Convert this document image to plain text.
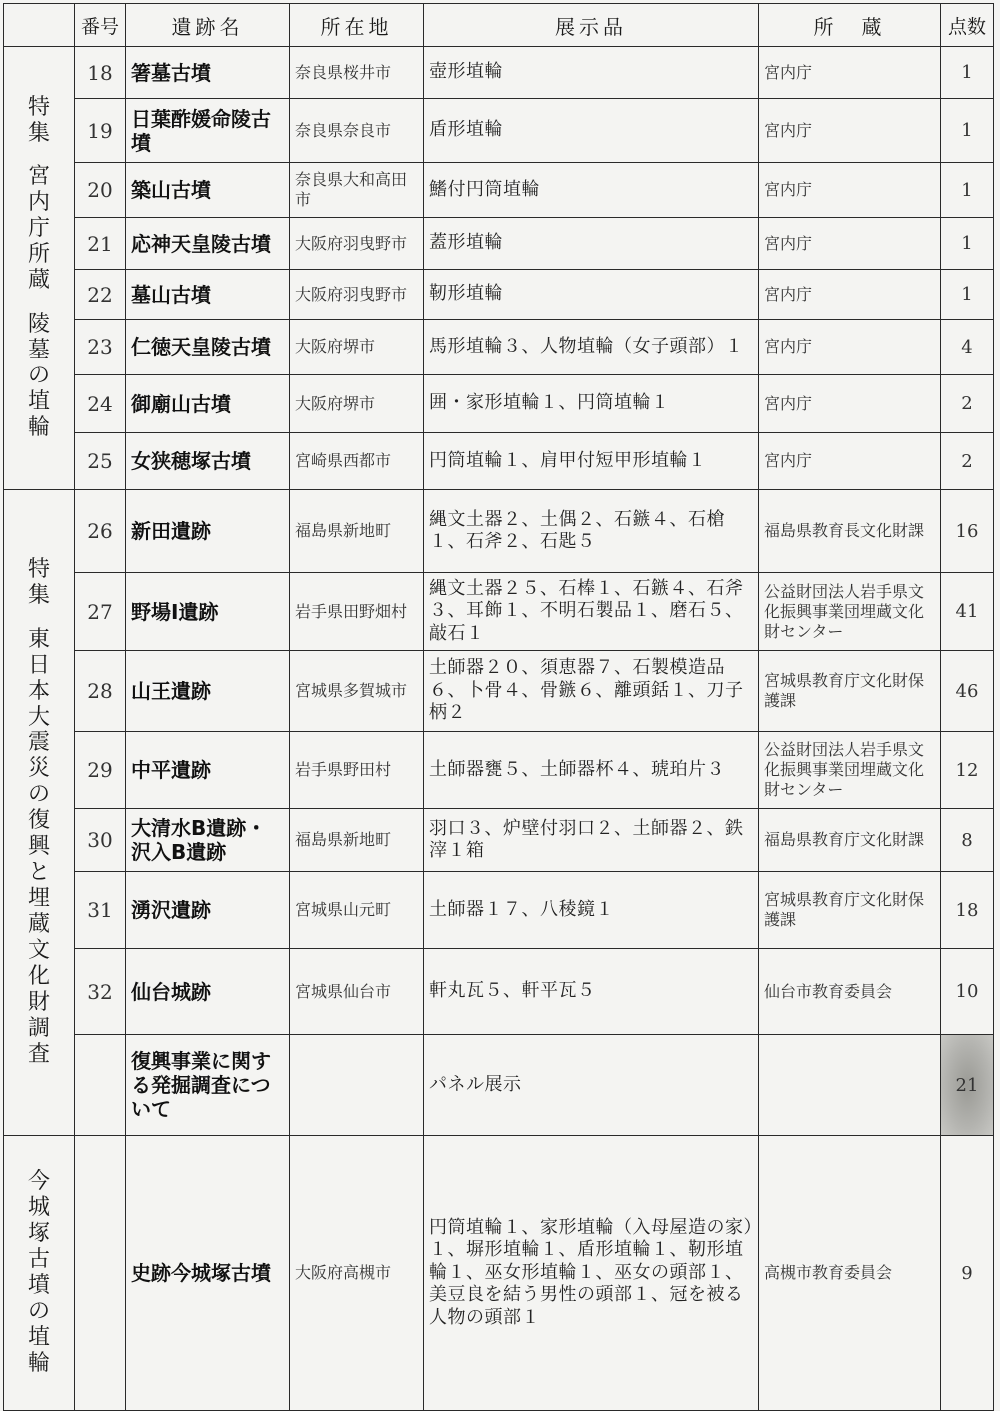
	番号	遺跡名	所在地	展示品	所　蔵	点数

特集
宮内庁所蔵
陵墓の埴輪	18	箸墓古墳	奈良県桜井市	壺形埴輪	宮内庁	1
	19	日葉酢媛命陵古墳	奈良県奈良市	盾形埴輪	宮内庁	1
	20	築山古墳	奈良県大和高田市	鰭付円筒埴輪	宮内庁	1
	21	応神天皇陵古墳	大阪府羽曳野市	蓋形埴輪	宮内庁	1
	22	墓山古墳	大阪府羽曳野市	靭形埴輪	宮内庁	1
	23	仁徳天皇陵古墳	大阪府堺市	馬形埴輪３、人物埴輪（女子頭部）１	宮内庁	4
	24	御廟山古墳	大阪府堺市	囲・家形埴輪１、円筒埴輪１	宮内庁	2
	25	女狭穂塚古墳	宮崎県西都市	円筒埴輪１、肩甲付短甲形埴輪１	宮内庁	2

特集
東日本大震災の復興と埋蔵文化財調査	26	新田遺跡	福島県新地町	縄文土器２、土偶２、石鏃４、石槍１、石斧２、石匙５	福島県教育長文化財課	16
	27	野場Ⅰ遺跡	岩手県田野畑村	縄文土器２５、石棒１、石鏃４、石斧３、耳飾１、不明石製品１、磨石５、敲石１	公益財団法人岩手県文化振興事業団埋蔵文化財センター	41
	28	山王遺跡	宮城県多賀城市	土師器２０、須恵器７、石製模造品６、卜骨４、骨鏃６、離頭銛１、刀子柄２	宮城県教育庁文化財保護課	46
	29	中平遺跡	岩手県野田村	土師器甕５、土師器杯４、琥珀片３	公益財団法人岩手県文化振興事業団埋蔵文化財センター	12
	30	大清水B遺跡・沢入B遺跡	福島県新地町	羽口３、炉壁付羽口２、土師器２、鉄滓１箱	福島県教育庁文化財課	8
	31	湧沢遺跡	宮城県山元町	土師器１７、八稜鏡１	宮城県教育庁文化財保護課	18
	32	仙台城跡	宮城県仙台市	軒丸瓦５、軒平瓦５	仙台市教育委員会	10
		復興事業に関する発掘調査について		パネル展示		21

今城塚古墳の埴輪		史跡今城塚古墳	大阪府高槻市	円筒埴輪１、家形埴輪（入母屋造の家）１、塀形埴輪１、盾形埴輪１、靭形埴輪１、巫女形埴輪１、巫女の頭部１、美豆良を結う男性の頭部１、冠を被る人物の頭部１	高槻市教育委員会	9
